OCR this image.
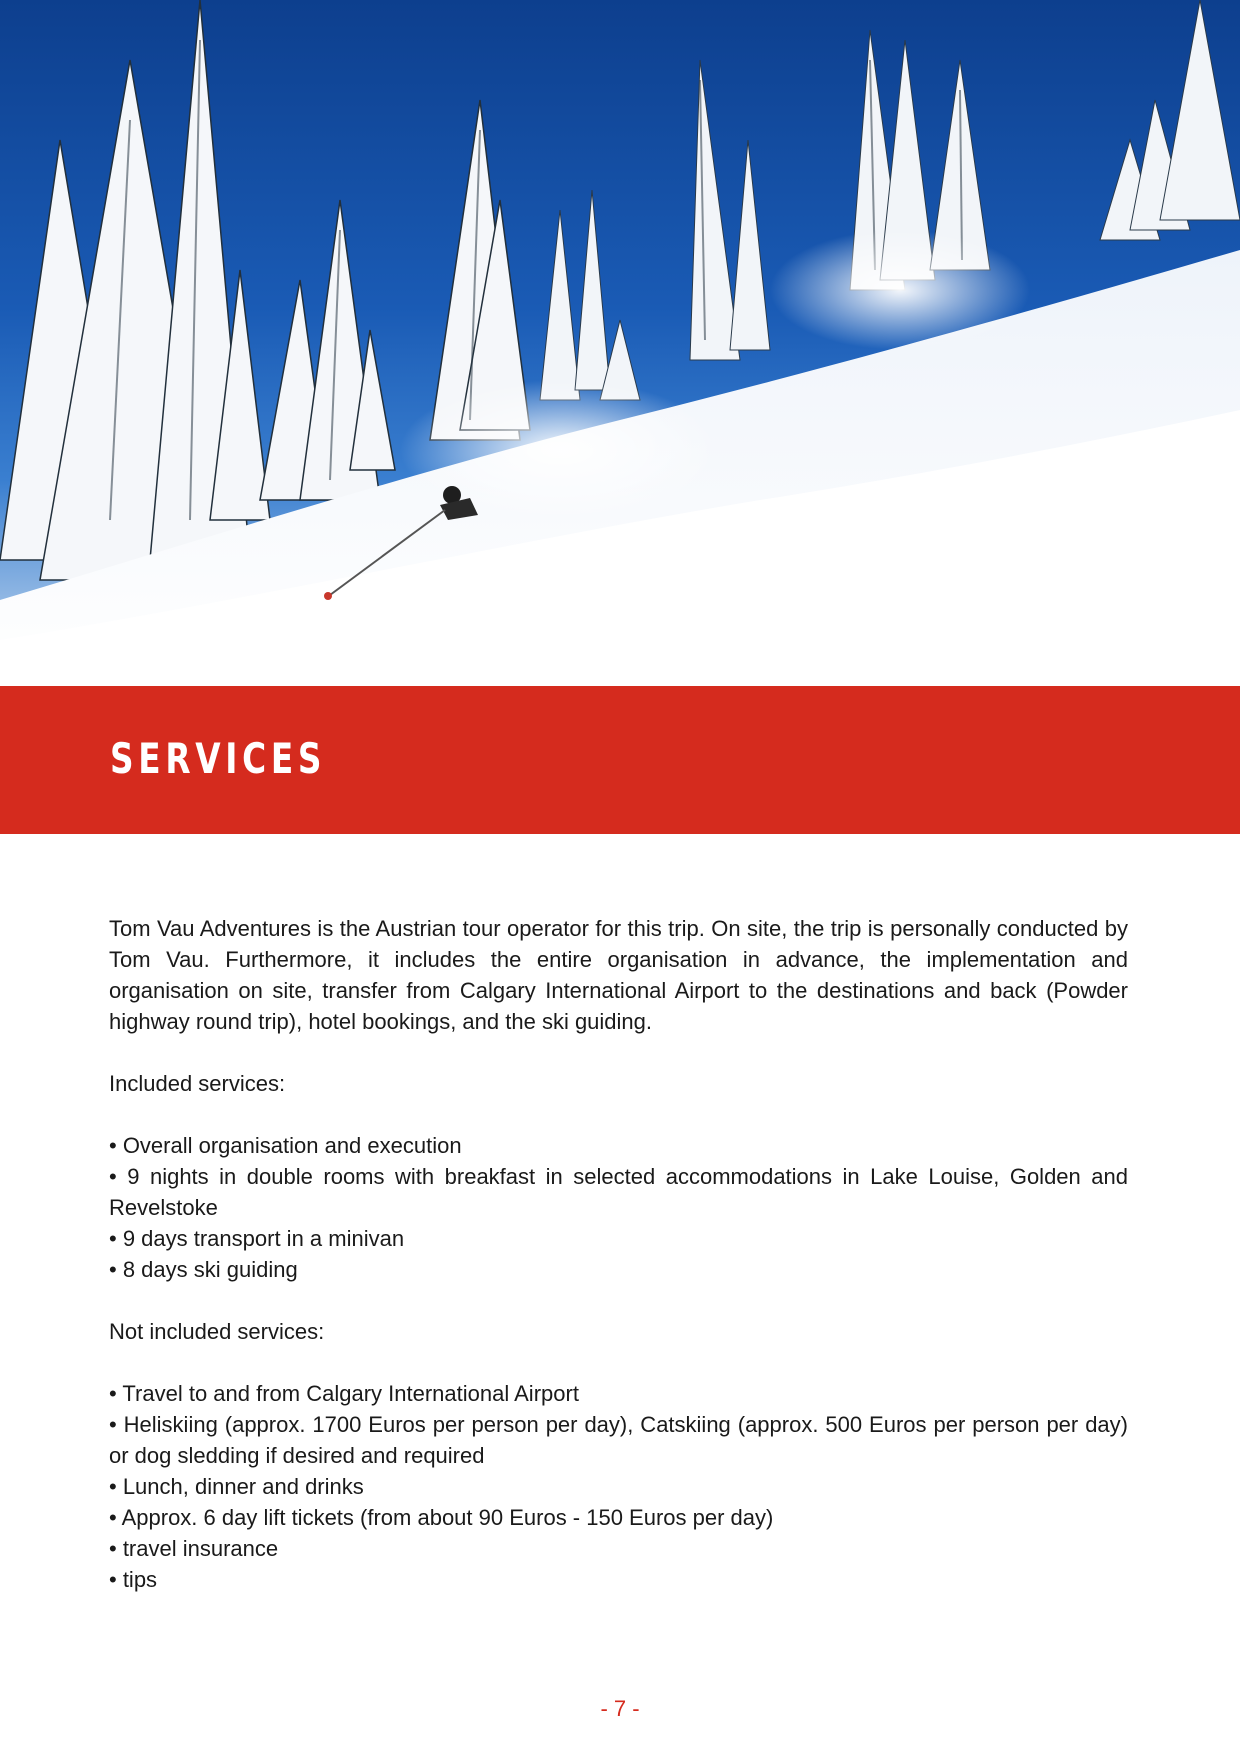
SERVICES

Tom Vau Adventures is the Austrian tour operator for this trip. On site, the trip is personally conducted by Tom Vau. Furthermore, it includes the entire organisation in advance, the implementation and organisation on site, transfer from Calgary International Airport to the destinations and back (Powder highway round trip), hotel bookings, and the ski guiding.

Included services:

• Overall organisation and execution
• 9 nights in double rooms with breakfast in selected accommodations in Lake Louise, Golden and Revelstoke
• 9 days transport in a minivan
• 8 days ski guiding

Not included services:

• Travel to and from Calgary International Airport
• Heliskiing (approx. 1700 Euros per person per day), Catskiing (approx. 500 Euros per person per day) or dog sledding if desired and required
• Lunch, dinner and drinks
• Approx. 6 day lift tickets (from about 90 Euros - 150 Euros per day)
• travel insurance
• tips
- 7 -
